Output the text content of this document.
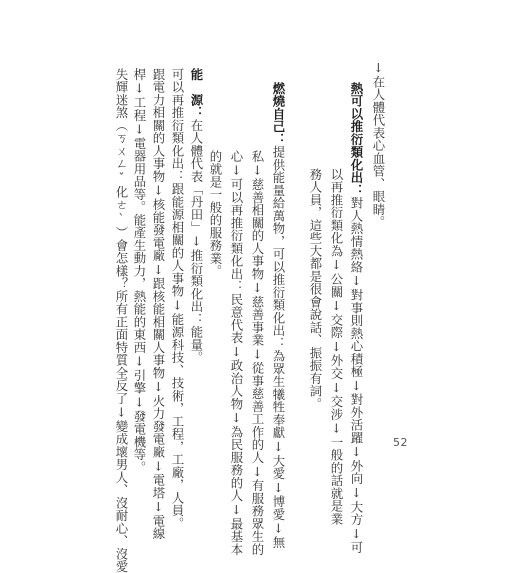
↓在人體代表心血管、眼睛。
熱可以推衍類化出：對人熱情熱絡↓對事則熱心積極↓對外活躍↓外向↓大方↓可
以再推衍類化為↓公關↓交際↓外交↓交涉↓一般的話就是業
務人員，這些大都是很會說話、振振有詞。
燃燒自己：提供能量給萬物，可以推衍類化出：為眾生犧牲奉獻↓大愛↓博愛↓無
私↓慈善相關的人事物↓慈善事業↓從事慈善工作的人↓有服務眾生的
心↓可以再推衍類化出：民意代表↓政治人物↓為民服務的人↓最基本
的就是一般的服務業。
能　源：在人體代表「丹田」↓推衍類化出：能量。
可以再推衍類化出：跟能源相關的人事物↓能源科技、技術，工程，工廠，人員。
跟電力相關的人事物↓核能發電廠↓跟核能相關人事物↓火力發電廠↓電塔↓電線
桿↓工程↓電器用品等。能產生動力，熱能的東西↓引擎↓發電機等。
失輝迷煞（ㄎㄨㄥˇ化ㄜˋ）會怎樣？所有正面特質全反了↓變成壞男人、沒耐心、沒愛	52
